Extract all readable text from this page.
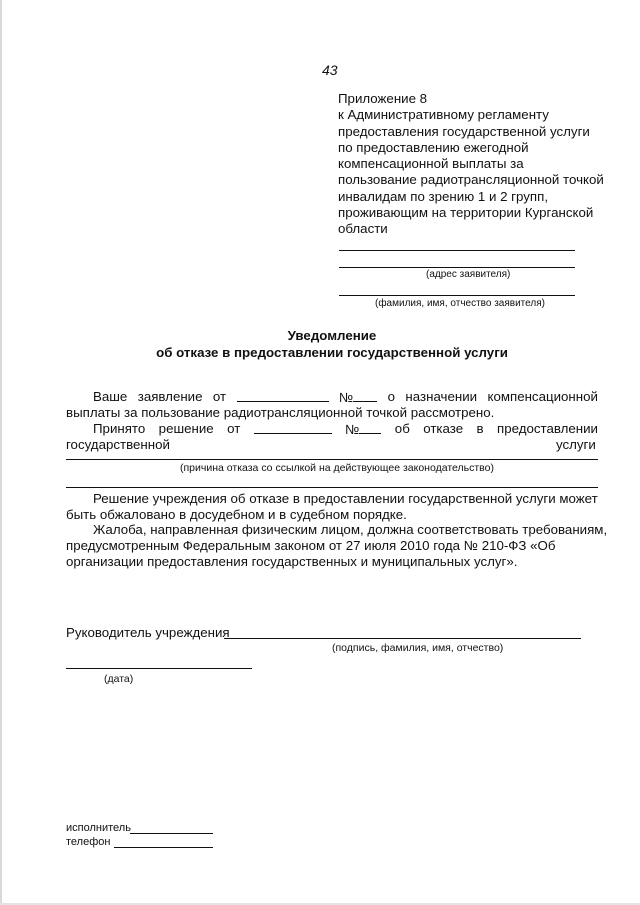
43
Приложение 8
к Административному регламенту
предоставления государственной услуги
по предоставлению ежегодной
компенсационной выплаты за
пользование радиотрансляционной точкой
инвалидам по зрению 1 и 2 групп,
проживающим на территории Курганской
области
(адрес заявителя)
(фамилия, имя, отчество заявителя)
Уведомление
об отказе в предоставлении государственной услуги
Ваше заявление от	№	о назначении компенсационной
выплаты за пользование радиотрансляционной точкой рассмотрено.
Принято решение от	№	об отказе в предоставлении
государственной	услуги
(причина отказа со ссылкой на действующее законодательство)
Решение учреждения об отказе в предоставлении государственной услуги может
быть обжаловано в досудебном и в судебном порядке.
Жалоба, направленная физическим лицом, должна соответствовать требованиям,
предусмотренным Федеральным законом от 27 июля 2010 года № 210-ФЗ «Об
организации предоставления государственных и муниципальных услуг».
Руководитель учреждения
(подпись, фамилия, имя, отчество)
(дата)
исполнитель
телефон
